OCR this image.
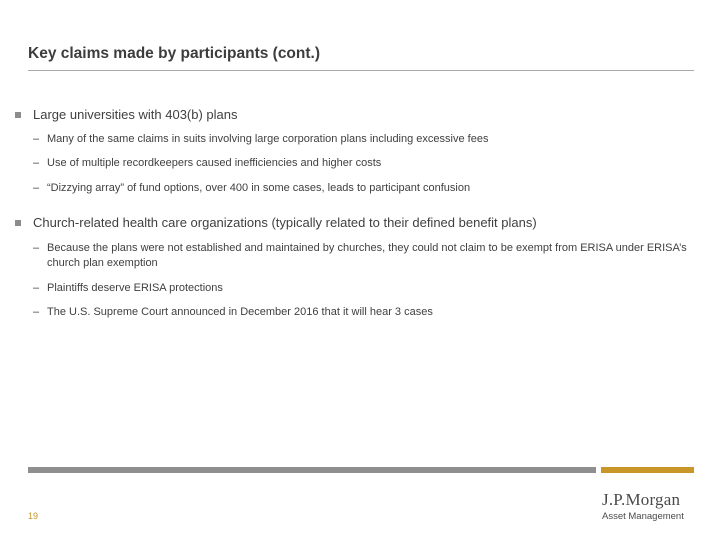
Key claims made by participants (cont.)
Large universities with 403(b) plans
– Many of the same claims in suits involving large corporation plans including excessive fees
– Use of multiple recordkeepers caused inefficiencies and higher costs
– “Dizzying array” of fund options, over 400 in some cases, leads to participant confusion
Church-related health care organizations (typically related to their defined benefit plans)
– Because the plans were not established and maintained by churches, they could not claim to be exempt from ERISA under ERISA’s church plan exemption
– Plaintiffs deserve ERISA protections
– The U.S. Supreme Court announced in December 2016 that it will hear 3 cases
19
J.P.Morgan
Asset Management
